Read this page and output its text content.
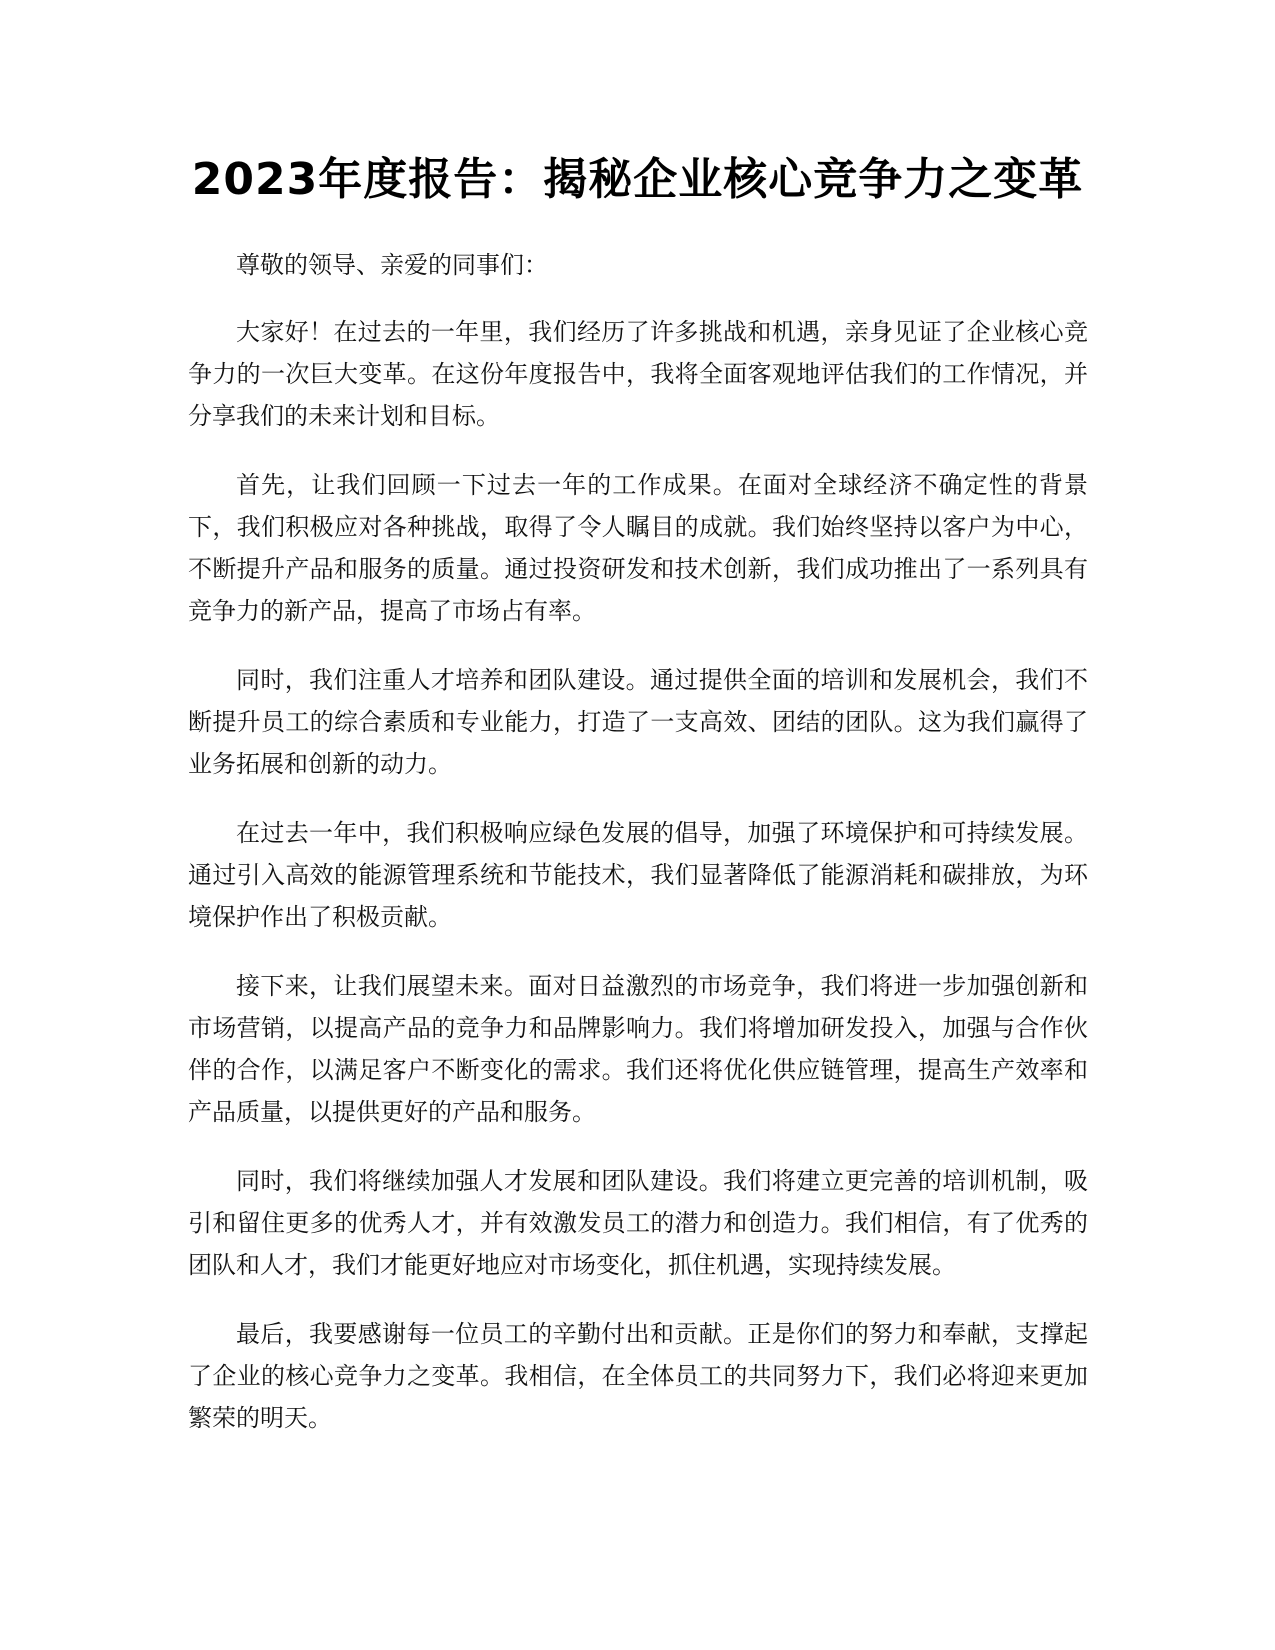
2023年度报告：揭秘企业核心竞争力之变革

尊敬的领导、亲爱的同事们：

大家好！在过去的一年里，我们经历了许多挑战和机遇，亲身见证了企业核心竞争力的一次巨大变革。在这份年度报告中，我将全面客观地评估我们的工作情况，并分享我们的未来计划和目标。

首先，让我们回顾一下过去一年的工作成果。在面对全球经济不确定性的背景下，我们积极应对各种挑战，取得了令人瞩目的成就。我们始终坚持以客户为中心，不断提升产品和服务的质量。通过投资研发和技术创新，我们成功推出了一系列具有竞争力的新产品，提高了市场占有率。

同时，我们注重人才培养和团队建设。通过提供全面的培训和发展机会，我们不断提升员工的综合素质和专业能力，打造了一支高效、团结的团队。这为我们赢得了业务拓展和创新的动力。

在过去一年中，我们积极响应绿色发展的倡导，加强了环境保护和可持续发展。通过引入高效的能源管理系统和节能技术，我们显著降低了能源消耗和碳排放，为环境保护作出了积极贡献。

接下来，让我们展望未来。面对日益激烈的市场竞争，我们将进一步加强创新和市场营销，以提高产品的竞争力和品牌影响力。我们将增加研发投入，加强与合作伙伴的合作，以满足客户不断变化的需求。我们还将优化供应链管理，提高生产效率和产品质量，以提供更好的产品和服务。

同时，我们将继续加强人才发展和团队建设。我们将建立更完善的培训机制，吸引和留住更多的优秀人才，并有效激发员工的潜力和创造力。我们相信，有了优秀的团队和人才，我们才能更好地应对市场变化，抓住机遇，实现持续发展。

最后，我要感谢每一位员工的辛勤付出和贡献。正是你们的努力和奉献，支撑起了企业的核心竞争力之变革。我相信，在全体员工的共同努力下，我们必将迎来更加繁荣的明天。
